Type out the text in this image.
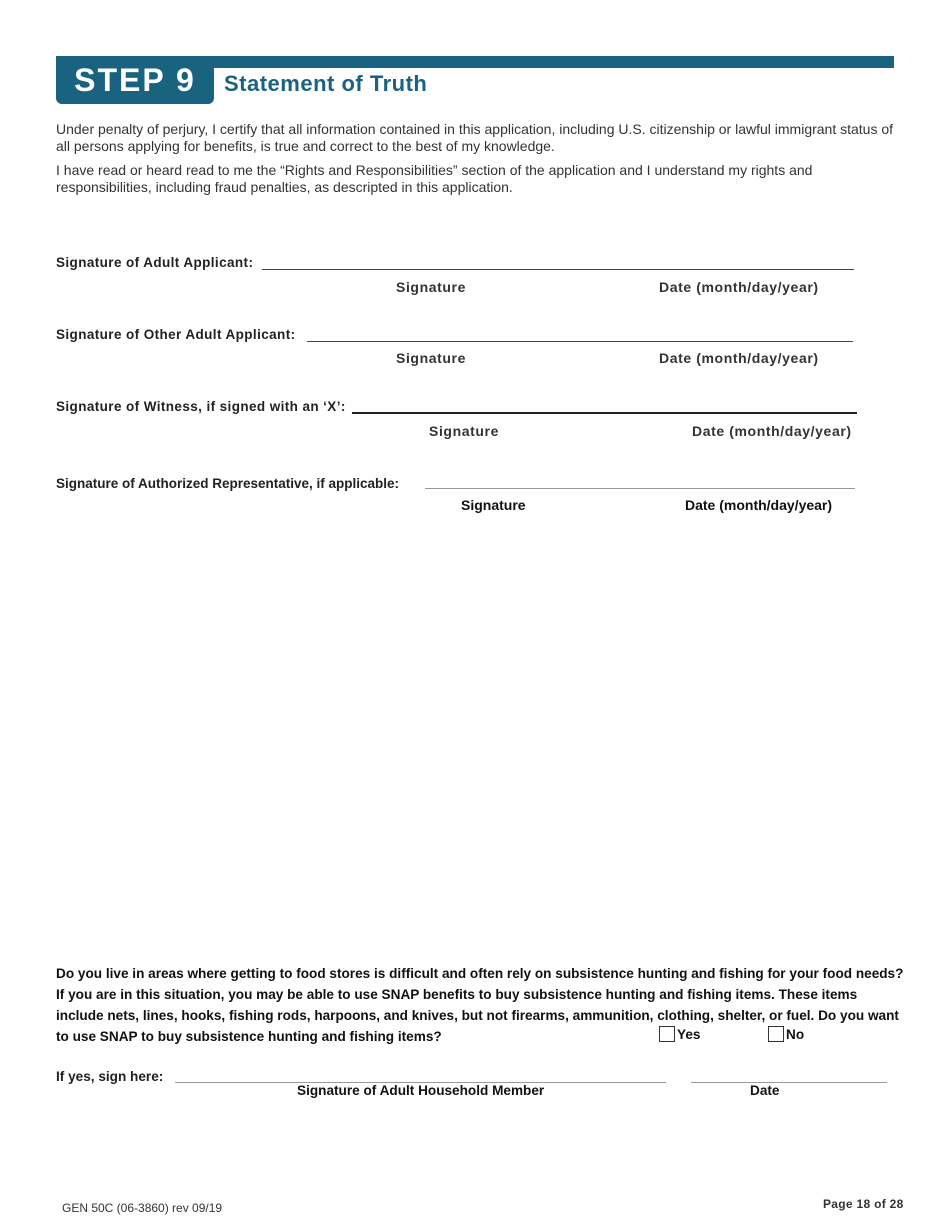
STEP 9 Statement of Truth

Under penalty of perjury, I certify that all information contained in this application, including U.S. citizenship or lawful immigrant status of all persons applying for benefits, is true and correct to the best of my knowledge.

I have read or heard read to me the “Rights and Responsibilities” section of the application and I understand my rights and responsibilities, including fraud penalties, as descripted in this application.

Signature of Adult Applicant:
Signature	Date (month/day/year)
Signature of Other Adult Applicant:
Signature	Date (month/day/year)
Signature of Witness, if signed with an ‘X’:
Signature	Date (month/day/year)
Signature of Authorized Representative, if applicable:
Signature	Date (month/day/year)

Do you live in areas where getting to food stores is difficult and often rely on subsistence hunting and fishing for your food needs? If you are in this situation, you may be able to use SNAP benefits to buy subsistence hunting and fishing items. These items include nets, lines, hooks, fishing rods, harpoons, and knives, but not firearms, ammunition, clothing, shelter, or fuel. Do you want to use SNAP to buy subsistence hunting and fishing items?	Yes	No
If yes, sign here:
Signature of Adult Household Member	Date
GEN 50C (06-3860) rev 09/19	Page 18 of 28
